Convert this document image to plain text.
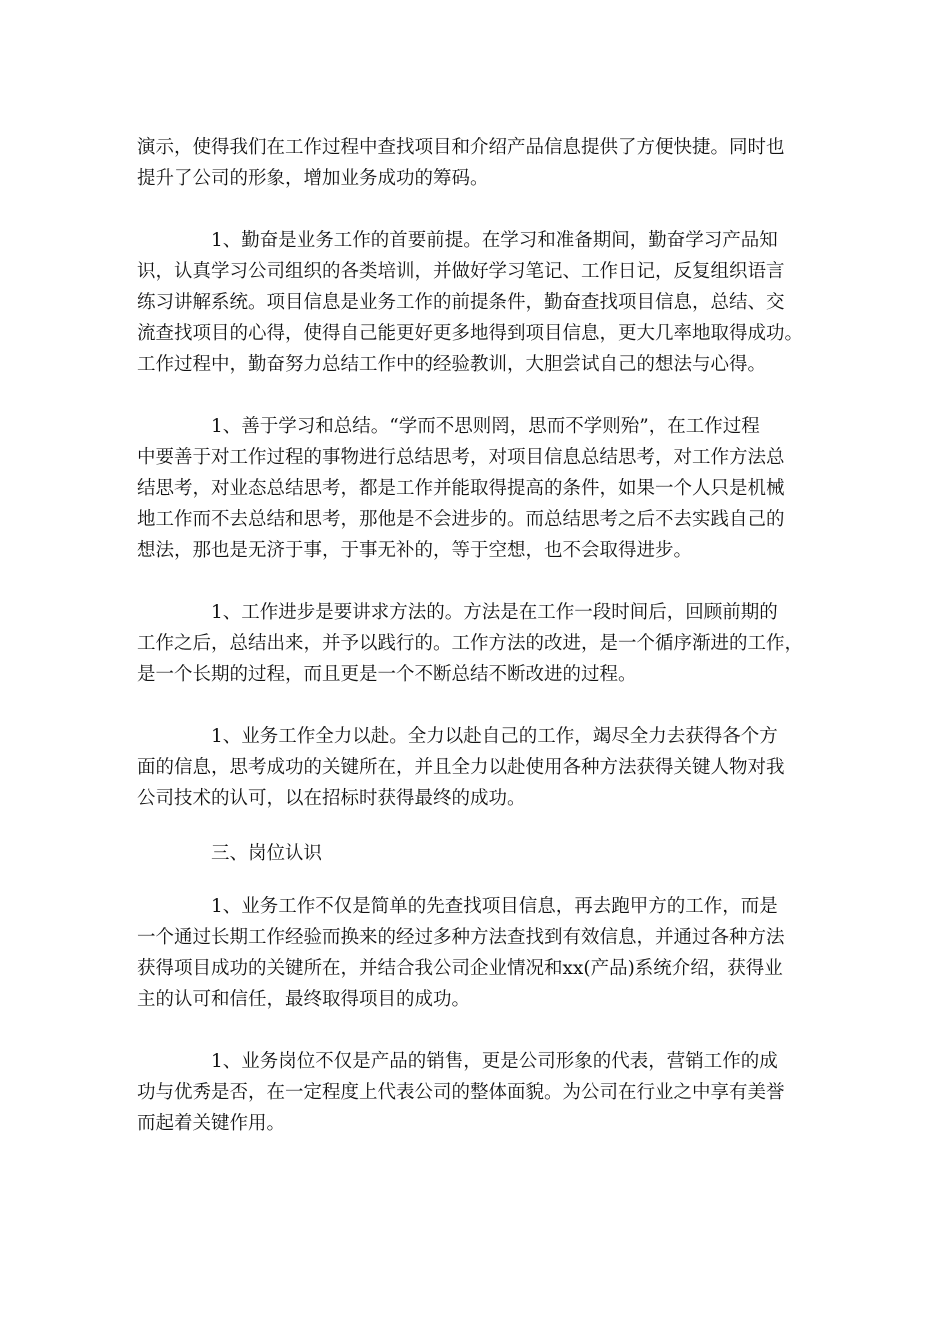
演示，使得我们在工作过程中查找项目和介绍产品信息提供了方便快捷。同时也
提升了公司的形象，增加业务成功的筹码。
1、勤奋是业务工作的首要前提。在学习和准备期间，勤奋学习产品知
识，认真学习公司组织的各类培训，并做好学习笔记、工作日记，反复组织语言
练习讲解系统。项目信息是业务工作的前提条件，勤奋查找项目信息，总结、交
流查找项目的心得，使得自己能更好更多地得到项目信息，更大几率地取得成功。
工作过程中，勤奋努力总结工作中的经验教训，大胆尝试自己的想法与心得。
1、善于学习和总结。“学而不思则罔，思而不学则殆”，在工作过程
中要善于对工作过程的事物进行总结思考，对项目信息总结思考，对工作方法总
结思考，对业态总结思考，都是工作并能取得提高的条件，如果一个人只是机械
地工作而不去总结和思考，那他是不会进步的。而总结思考之后不去实践自己的
想法，那也是无济于事，于事无补的，等于空想，也不会取得进步。
1、工作进步是要讲求方法的。方法是在工作一段时间后，回顾前期的
工作之后，总结出来，并予以践行的。工作方法的改进，是一个循序渐进的工作，
是一个长期的过程，而且更是一个不断总结不断改进的过程。
1、业务工作全力以赴。全力以赴自己的工作，竭尽全力去获得各个方
面的信息，思考成功的关键所在，并且全力以赴使用各种方法获得关键人物对我
公司技术的认可，以在招标时获得最终的成功。
三、岗位认识
1、业务工作不仅是简单的先查找项目信息，再去跑甲方的工作，而是
一个通过长期工作经验而换来的经过多种方法查找到有效信息，并通过各种方法
获得项目成功的关键所在，并结合我公司企业情况和xx(产品)系统介绍，获得业
主的认可和信任，最终取得项目的成功。
1、业务岗位不仅是产品的销售，更是公司形象的代表，营销工作的成
功与优秀是否，在一定程度上代表公司的整体面貌。为公司在行业之中享有美誉
而起着关键作用。
